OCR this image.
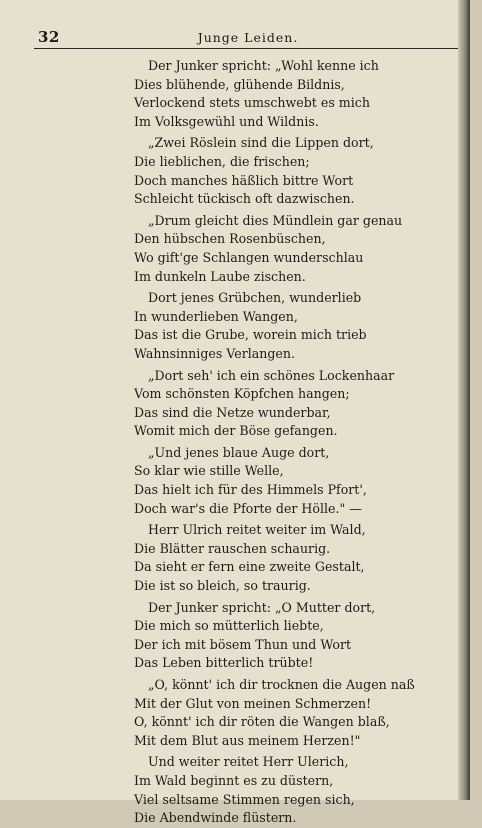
32	Junge Leiden.
Der Junker spricht: „Wohl kenne ich
Dies blühende, glühende Bildnis,
Verlockend stets umschwebt es mich
Im Volksgewühl und Wildnis.
„Zwei Röslein sind die Lippen dort,
Die lieblichen, die frischen;
Doch manches häßlich bittre Wort
Schleicht tückisch oft dazwischen.
„Drum gleicht dies Mündlein gar genau
Den hübschen Rosenbüschen,
Wo gift'ge Schlangen wunderschlau
Im dunkeln Laube zischen.
Dort jenes Grübchen, wunderlieb
In wunderlieben Wangen,
Das ist die Grube, worein mich trieb
Wahnsinniges Verlangen.
„Dort seh' ich ein schönes Lockenhaar
Vom schönsten Köpfchen hangen;
Das sind die Netze wunderbar,
Womit mich der Böse gefangen.
„Und jenes blaue Auge dort,
So klar wie stille Welle,
Das hielt ich für des Himmels Pfort',
Doch war's die Pforte der Hölle." —
Herr Ulrich reitet weiter im Wald,
Die Blätter rauschen schaurig.
Da sieht er fern eine zweite Gestalt,
Die ist so bleich, so traurig.
Der Junker spricht: „O Mutter dort,
Die mich so mütterlich liebte,
Der ich mit bösem Thun und Wort
Das Leben bitterlich trübte!
„O, könnt' ich dir trocknen die Augen naß
Mit der Glut von meinen Schmerzen!
O, könnt' ich dir röten die Wangen blaß,
Mit dem Blut aus meinem Herzen!"
Und weiter reitet Herr Ulerich,
Im Wald beginnt es zu düstern,
Viel seltsame Stimmen regen sich,
Die Abendwinde flüstern.
